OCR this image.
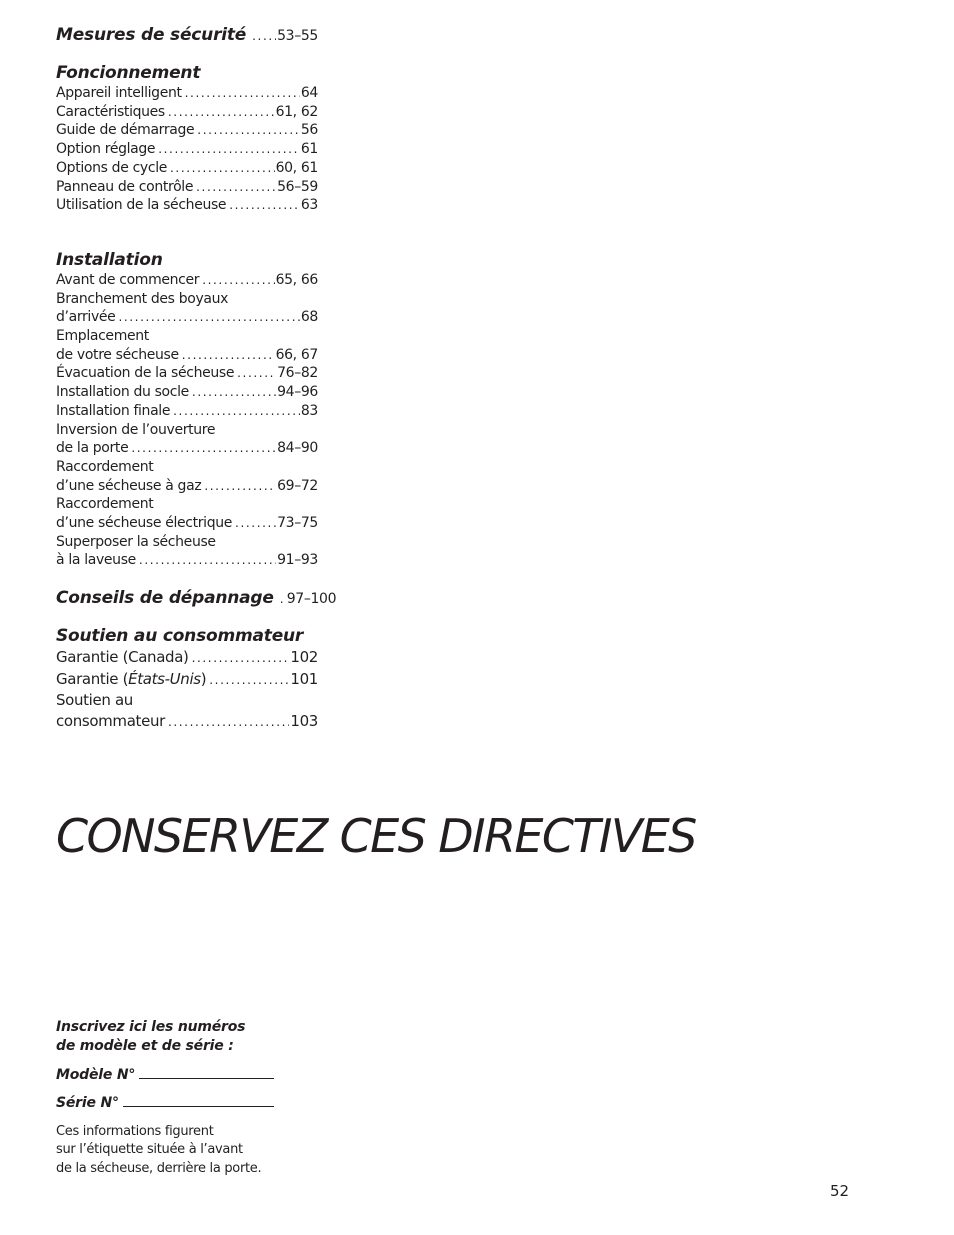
Mesures de sécurité ..... 53–55
Foncionnement
Appareil intelligent .....	64
Caractéristiques .....	61, 62
Guide de démarrage .....	56
Option réglage .....	61
Options de cycle .....	60, 61
Panneau de contrôle .....	56–59
Utilisation de la sécheuse .....	63
Installation
Avant de commencer .....	65, 66
Branchement des boyaux
d’arrivée .....	68
Emplacement
de votre sécheuse .....	66, 67
Évacuation de la sécheuse .....	76–82
Installation du socle .....	94–96
Installation finale .....	83
Inversion de l’ouverture
de la porte .....	84–90
Raccordement
d’une sécheuse à gaz .....	69–72
Raccordement
d’une sécheuse électrique .....	73–75
Superposer la sécheuse
à la laveuse .....	91–93
Conseils de dépannage ..... 97–100
Soutien au consommateur
Garantie (Canada) .....	102
Garantie (États-Unis) .....	101
Soutien au
consommateur .....	103
CONSERVEZ CES DIRECTIVES
Inscrivez ici les numéros
de modèle et de série :
Modèle N°
Série N°
Ces informations figurent
sur l’étiquette située à l’avant
de la sécheuse, derrière la porte.
52
